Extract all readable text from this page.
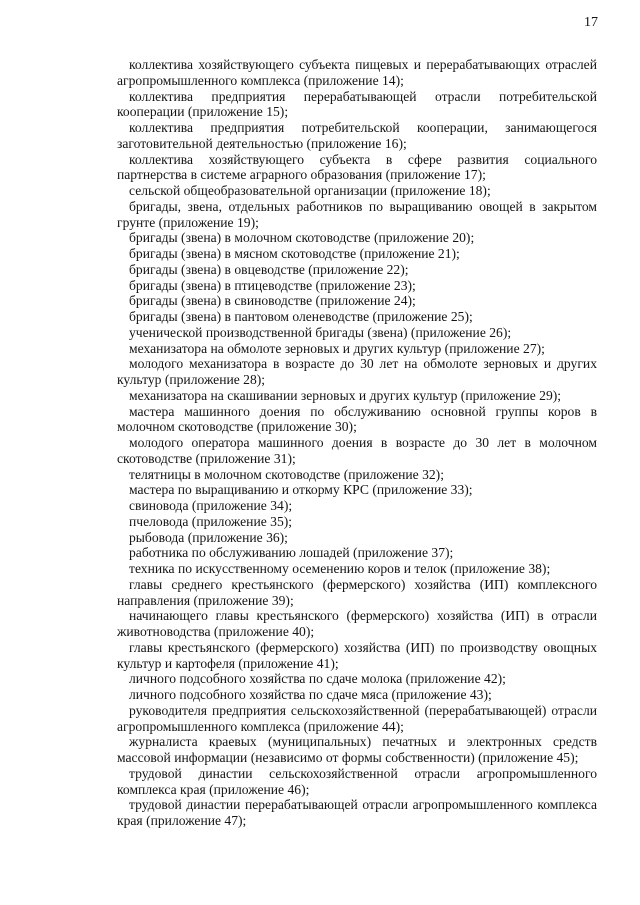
17

коллектива хозяйствующего субъекта пищевых и перерабатывающих отраслей агропромышленного комплекса (приложение 14);

коллектива предприятия перерабатывающей отрасли потребительской кооперации (приложение 15);

коллектива предприятия потребительской кооперации, занимающегося заготовительной деятельностью (приложение 16);

коллектива хозяйствующего субъекта в сфере развития социального партнерства в системе аграрного образования (приложение 17);

сельской общеобразовательной организации (приложение 18);

бригады, звена, отдельных работников по выращиванию овощей в закрытом грунте (приложение 19);

бригады (звена) в молочном скотоводстве (приложение 20);

бригады (звена) в мясном скотоводстве (приложение 21);

бригады (звена) в овцеводстве (приложение 22);

бригады (звена) в птицеводстве (приложение 23);

бригады (звена) в свиноводстве (приложение 24);

бригады (звена) в пантовом оленеводстве (приложение 25);

ученической производственной бригады (звена) (приложение 26);

механизатора на обмолоте зерновых и других культур (приложение 27);

молодого механизатора в возрасте до 30 лет на обмолоте зерновых и других культур (приложение 28);

механизатора на скашивании зерновых и других культур (приложение 29);

мастера машинного доения по обслуживанию основной группы коров в молочном скотоводстве (приложение 30);

молодого оператора машинного доения в возрасте до 30 лет в молочном скотоводстве (приложение 31);

телятницы в молочном скотоводстве (приложение 32);

мастера по выращиванию и откорму КРС (приложение 33);

свиновода (приложение 34);

пчеловода (приложение 35);

рыбовода (приложение 36);

работника по обслуживанию лошадей (приложение 37);

техника по искусственному осеменению коров и телок (приложение 38);

главы среднего крестьянского (фермерского) хозяйства (ИП) комплексного направления (приложение 39);

начинающего главы крестьянского (фермерского) хозяйства (ИП) в отрасли животноводства (приложение 40);

главы крестьянского (фермерского) хозяйства (ИП) по производству овощных культур и картофеля (приложение 41);

личного подсобного хозяйства по сдаче молока (приложение 42);

личного подсобного хозяйства по сдаче мяса (приложение 43);

руководителя предприятия сельскохозяйственной (перерабатывающей) отрасли агропромышленного комплекса (приложение 44);

журналиста краевых (муниципальных) печатных и электронных средств массовой информации (независимо от формы собственности) (приложение 45);

трудовой династии сельскохозяйственной отрасли агропромышленного комплекса края (приложение 46);

трудовой династии перерабатывающей отрасли агропромышленного комплекса края (приложение 47);
